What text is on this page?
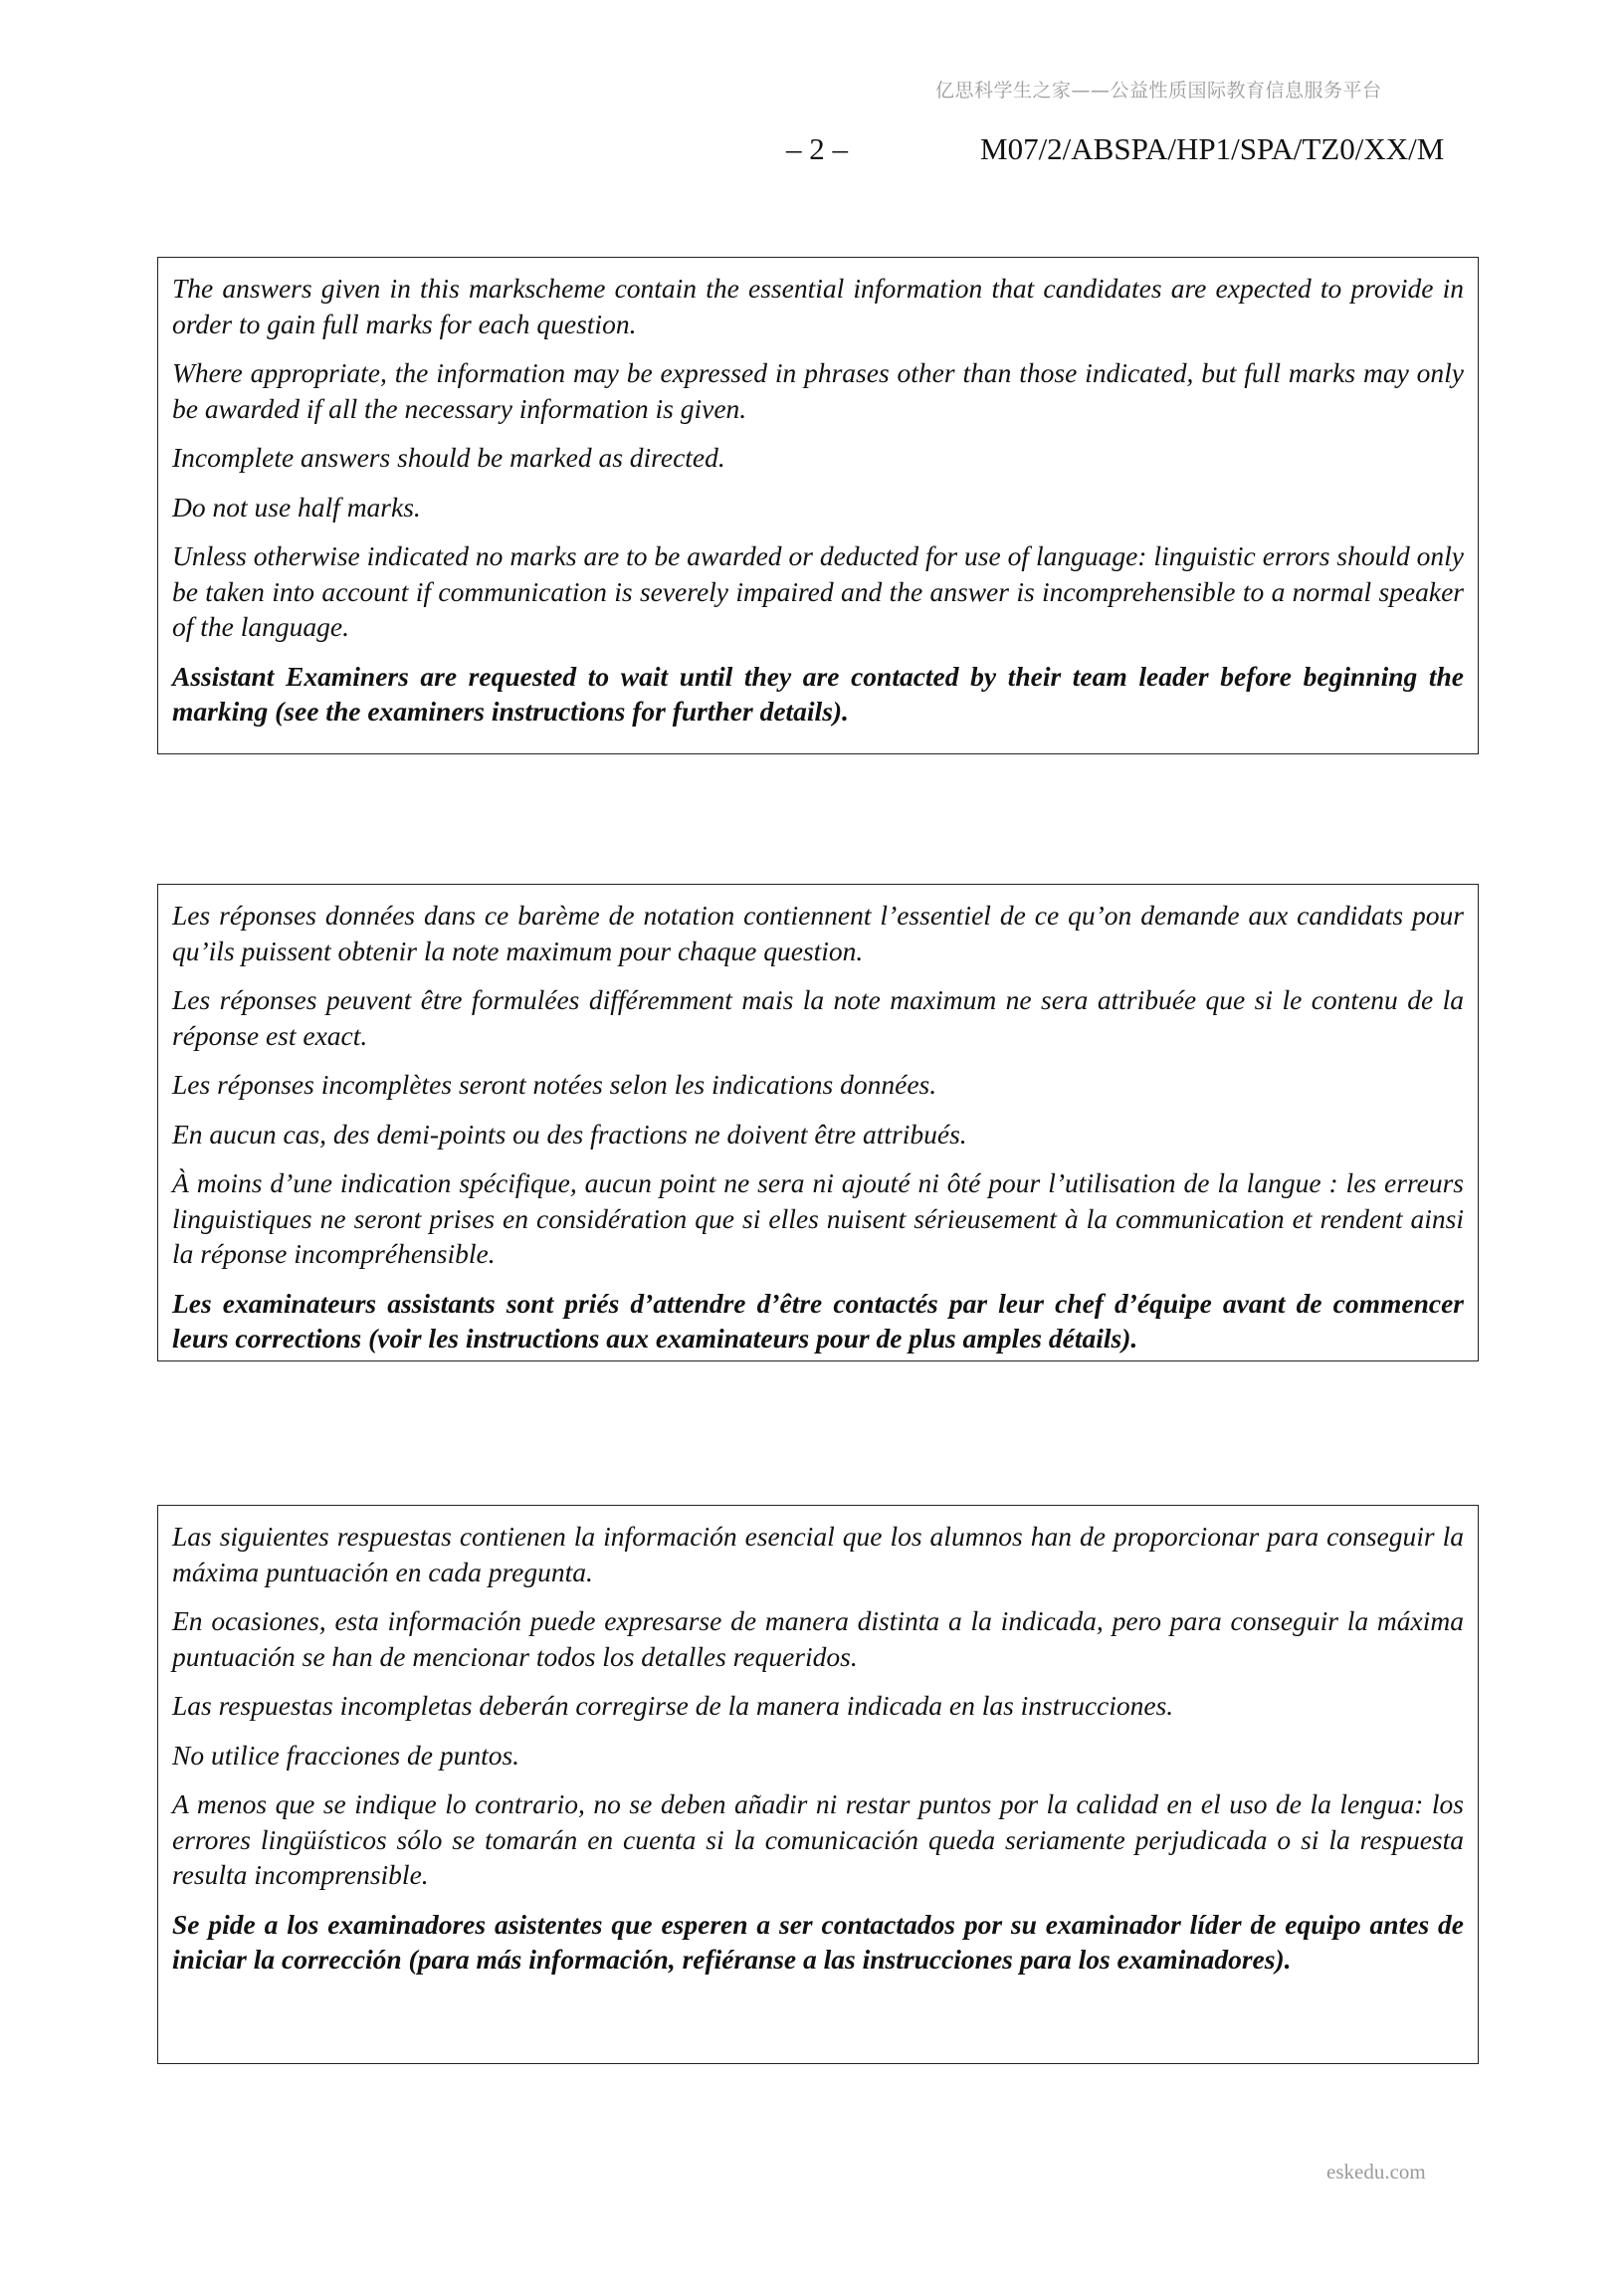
亿思科学生之家——公益性质国际教育信息服务平台
– 2 –	M07/2/ABSPA/HP1/SPA/TZ0/XX/M

The answers given in this markscheme contain the essential information that candidates are expected to provide in order to gain full marks for each question.

Where appropriate, the information may be expressed in phrases other than those indicated, but full marks may only be awarded if all the necessary information is given.

Incomplete answers should be marked as directed.

Do not use half marks.

Unless otherwise indicated no marks are to be awarded or deducted for use of language: linguistic errors should only be taken into account if communication is severely impaired and the answer is incomprehensible to a normal speaker of the language.

Assistant Examiners are requested to wait until they are contacted by their team leader before beginning the marking (see the examiners instructions for further details).

Les réponses données dans ce barème de notation contiennent l’essentiel de ce qu’on demande aux candidats pour qu’ils puissent obtenir la note maximum pour chaque question.

Les réponses peuvent être formulées différemment mais la note maximum ne sera attribuée que si le contenu de la réponse est exact.

Les réponses incomplètes seront notées selon les indications données.

En aucun cas, des demi-points ou des fractions ne doivent être attribués.

À moins d’une indication spécifique, aucun point ne sera ni ajouté ni ôté pour l’utilisation de la langue : les erreurs linguistiques ne seront prises en considération que si elles nuisent sérieusement à la communication et rendent ainsi la réponse incompréhensible.

Les examinateurs assistants sont priés d’attendre d’être contactés par leur chef d’équipe avant de commencer leurs corrections (voir les instructions aux examinateurs pour de plus amples détails).

Las siguientes respuestas contienen la información esencial que los alumnos han de proporcionar para conseguir la máxima puntuación en cada pregunta.

En ocasiones, esta información puede expresarse de manera distinta a la indicada, pero para conseguir la máxima puntuación se han de mencionar todos los detalles requeridos.

Las respuestas incompletas deberán corregirse de la manera indicada en las instrucciones.

No utilice fracciones de puntos.

A menos que se indique lo contrario, no se deben añadir ni restar puntos por la calidad en el uso de la lengua: los errores lingüísticos sólo se tomarán en cuenta si la comunicación queda seriamente perjudicada o si la respuesta resulta incomprensible.

Se pide a los examinadores asistentes que esperen a ser contactados por su examinador líder de equipo antes de iniciar la corrección (para más información, refiéranse a las instrucciones para los examinadores).

eskedu.com
